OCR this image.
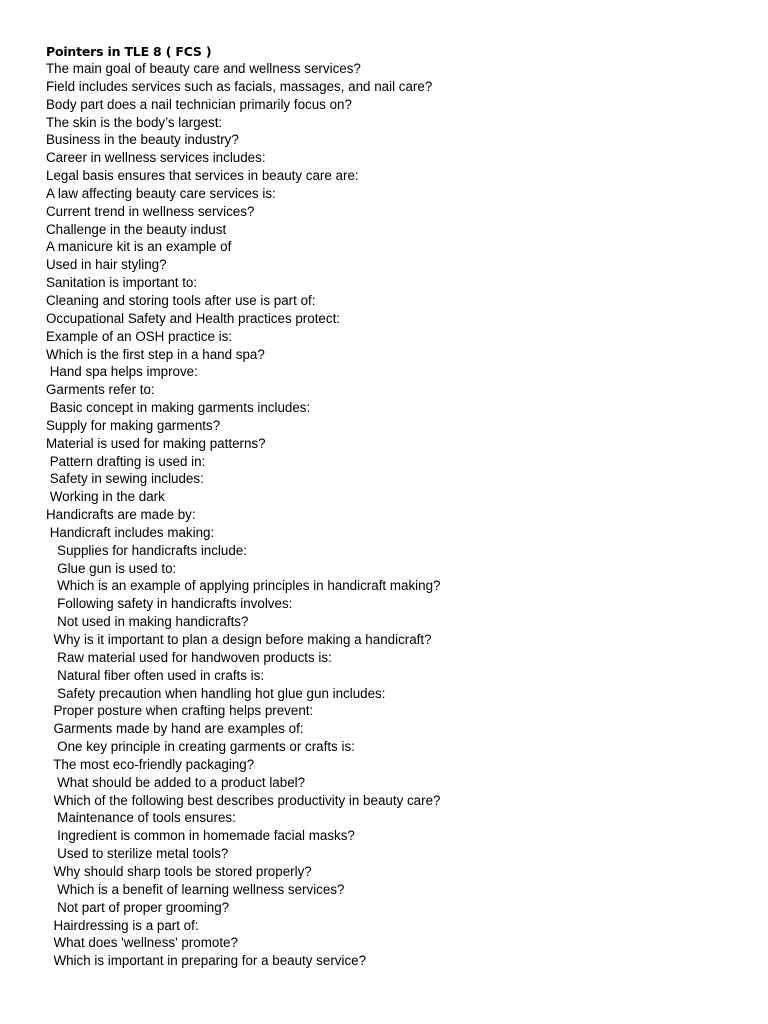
Pointers in TLE 8 ( FCS )
The main goal of beauty care and wellness services?
Field includes services such as facials, massages, and nail care?
Body part does a nail technician primarily focus on?
The skin is the body’s largest:
Business in the beauty industry?
Career in wellness services includes:
Legal basis ensures that services in beauty care are:
A law affecting beauty care services is:
Current trend in wellness services?
Challenge in the beauty indust
A manicure kit is an example of
Used in hair styling?
Sanitation is important to:
Cleaning and storing tools after use is part of:
Occupational Safety and Health practices protect:
Example of an OSH practice is:
Which is the first step in a hand spa?
Hand spa helps improve:
Garments refer to:
Basic concept in making garments includes:
Supply for making garments?
Material is used for making patterns?
Pattern drafting is used in:
Safety in sewing includes:
Working in the dark
Handicrafts are made by:
Handicraft includes making:
Supplies for handicrafts include:
Glue gun is used to:
Which is an example of applying principles in handicraft making?
Following safety in handicrafts involves:
Not used in making handicrafts?
Why is it important to plan a design before making a handicraft?
Raw material used for handwoven products is:
Natural fiber often used in crafts is:
Safety precaution when handling hot glue gun includes:
Proper posture when crafting helps prevent:
Garments made by hand are examples of:
One key principle in creating garments or crafts is:
The most eco-friendly packaging?
What should be added to a product label?
Which of the following best describes productivity in beauty care?
Maintenance of tools ensures:
Ingredient is common in homemade facial masks?
Used to sterilize metal tools?
Why should sharp tools be stored properly?
Which is a benefit of learning wellness services?
Not part of proper grooming?
Hairdressing is a part of:
What does 'wellness' promote?
Which is important in preparing for a beauty service?
